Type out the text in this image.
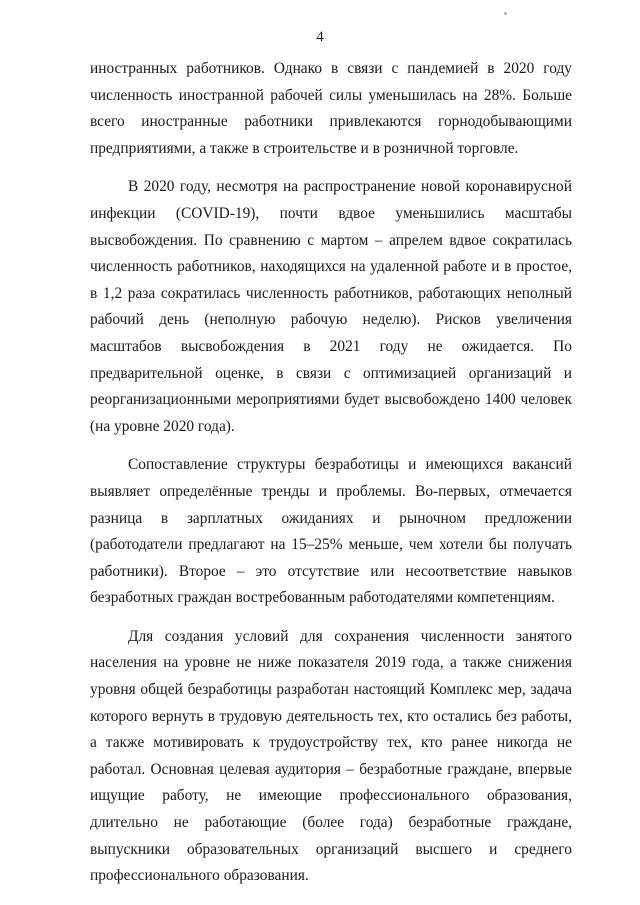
4

иностранных работников. Однако в связи с пандемией в 2020 году численность иностранной рабочей силы уменьшилась на 28%. Больше всего иностранные работники привлекаются горнодобывающими предприятиями, а также в строительстве и в розничной торговле.

В 2020 году, несмотря на распространение новой коронавирусной инфекции (COVID-19), почти вдвое уменьшились масштабы высвобождения. По сравнению с мартом – апрелем вдвое сократилась численность работников, находящихся на удаленной работе и в простое, в 1,2 раза сократилась численность работников, работающих неполный рабочий день (неполную рабочую неделю). Рисков увеличения масштабов высвобождения в 2021 году не ожидается. По предварительной оценке, в связи с оптимизацией организаций и реорганизационными мероприятиями будет высвобождено 1400 человек (на уровне 2020 года).

Сопоставление структуры безработицы и имеющихся вакансий выявляет определённые тренды и проблемы. Во-первых, отмечается разница в зарплатных ожиданиях и рыночном предложении (работодатели предлагают на 15–25% меньше, чем хотели бы получать работники). Второе – это отсутствие или несоответствие навыков безработных граждан востребованным работодателями компетенциям.

Для создания условий для сохранения численности занятого населения на уровне не ниже показателя 2019 года, а также снижения уровня общей безработицы разработан настоящий Комплекс мер, задача которого вернуть в трудовую деятельность тех, кто остались без работы, а также мотивировать к трудоустройству тех, кто ранее никогда не работал. Основная целевая аудитория – безработные граждане, впервые ищущие работу, не имеющие профессионального образования, длительно не работающие (более года) безработные граждане, выпускники образовательных организаций высшего и среднего профессионального образования.
